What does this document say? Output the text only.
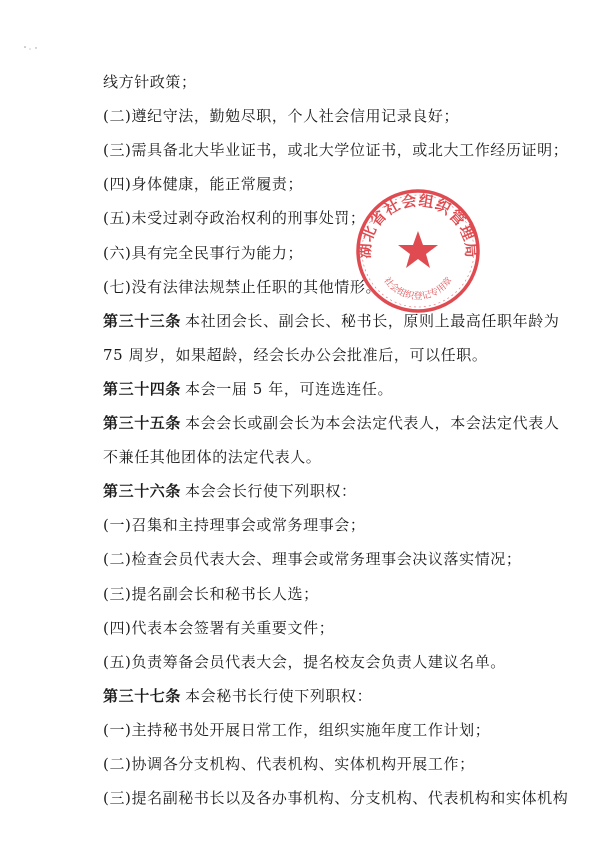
线方针政策；
(二)遵纪守法，勤勉尽职，个人社会信用记录良好；
(三)需具备北大毕业证书，或北大学位证书，或北大工作经历证明；
(四)身体健康，能正常履责；
(五)未受过剥夺政治权利的刑事处罚；
(六)具有完全民事行为能力；
(七)没有法律法规禁止任职的其他情形。
第三十三条 本社团会长、副会长、秘书长，原则上最高任职年龄为
75 周岁，如果超龄，经会长办公会批准后，可以任职。
第三十四条 本会一届 5 年，可连选连任。
第三十五条 本会会长或副会长为本会法定代表人，本会法定代表人
不兼任其他团体的法定代表人。
第三十六条 本会会长行使下列职权：
(一)召集和主持理事会或常务理事会；
(二)检查会员代表大会、理事会或常务理事会决议落实情况；
(三)提名副会长和秘书长人选；
(四)代表本会签署有关重要文件；
(五)负责筹备会员代表大会，提名校友会负责人建议名单。
第三十七条 本会秘书长行使下列职权：
(一)主持秘书处开展日常工作，组织实施年度工作计划；
(二)协调各分支机构、代表机构、实体机构开展工作；
(三)提名副秘书长以及各办事机构、分支机构、代表机构和实体机构
湖北省社会组织管理局
社会组织登记专用章
